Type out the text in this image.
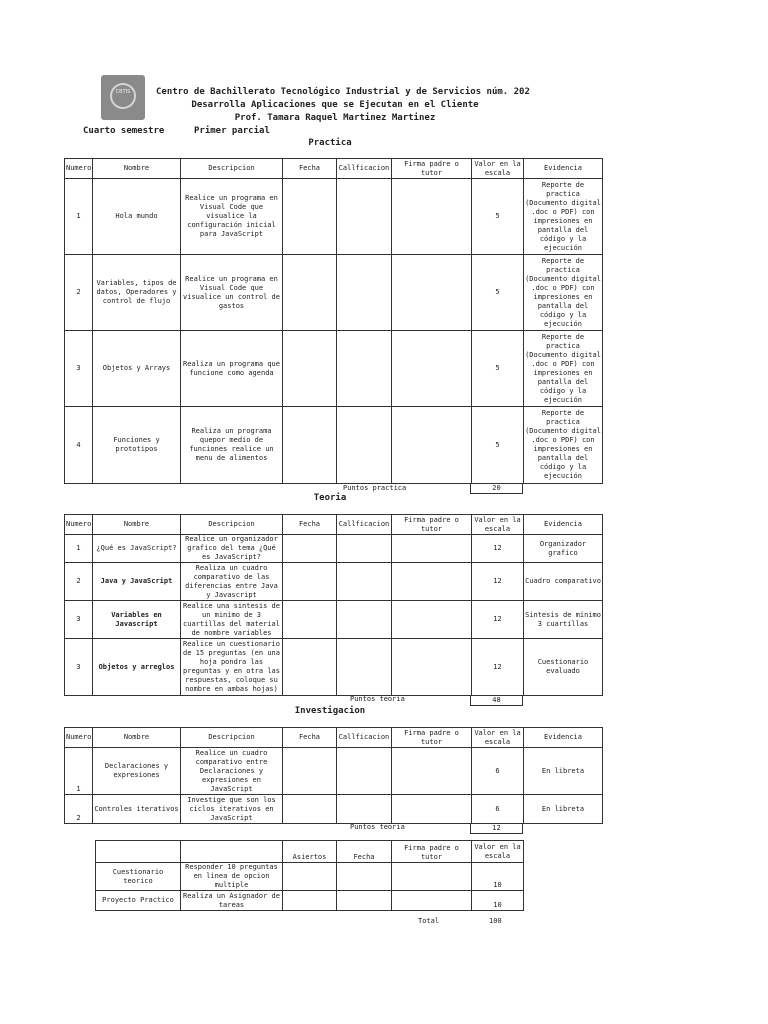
CBTIS	Centro de Bachillerato Tecnológico Industrial y de Servicios núm. 202
Desarrolla Aplicaciones que se Ejecutan en el Cliente
Prof. Tamara Raquel Martinez Martinez
Cuarto semestre	Primer parcial
Practica
Numero	Nombre	Descripcion	Fecha	Callficacion	Firma padre o tutor	Valor en la escala	Evidencia
1	Hola mundo	Realice un programa en Visual Code que visualice la configuración inicial para JavaScript				5	Reporte de practica (Documento digital .doc o PDF) con impresiones en pantalla del código y la ejecución
2	Variables, tipos de datos, Operadores y control de flujo	Realice un programa en Visual Code que visualice un control de gastos				5	Reporte de practica (Documento digital .doc o PDF) con impresiones en pantalla del código y la ejecución
3	Objetos y Arrays	Realiza un programa que funcione como agenda				5	Reporte de practica (Documento digital .doc o PDF) con impresiones en pantalla del código y la ejecución
4	Funciones y prototipos	Realiza un programa quepor medio de funciones realice un menu de alimentos				5	Reporte de practica (Documento digital .doc o PDF) con impresiones en pantalla del código y la ejecución
Puntos practica	20
Teoria
Numero	Nombre	Descripcion	Fecha	Callficacion	Firma padre o tutor	Valor en la escala	Evidencia
1	¿Qué es JavaScript?	Realice un organizador grafico del tema ¿Qué es JavaScript?				12	Organizador grafico
2	Java y JavaScript	Realiza un cuadro comparativo de las diferencias entre Java y Javascript				12	Cuadro comparativo
3	Variables en Javascript	Realice una sintesis de un minimo de 3 cuartillas del material de nombre variables				12	Síntesis de minimo 3 cuartillas
3	Objetos y arreglos	Realice un cuestionario de 15 preguntas (en una hoja pondra las preguntas y en otra las respuestas, coloque su nombre en ambas hojas)				12	Cuestionario evaluado
Puntos teoria	48
Investigacion
Numero	Nombre	Descripcion	Fecha	Callficacion	Firma padre o tutor	Valor en la escala	Evidencia
1	Declaraciones y expresiones	Realice un cuadro comparativo entre Declaraciones y expresiones en JavaScript				6	En libreta
2	Controles iterativos	Investige que son los ciclos iterativos en JavaScript				6	En libreta
Puntos teoria	12
		Asiertos	Fecha	Firma padre o tutor	Valor en la escala
Cuestionario teorico	Responder 10 preguntas en linea de opcion multiple				10
Proyecto Practico	Realiza un Asignador de tareas				10
Total	100
